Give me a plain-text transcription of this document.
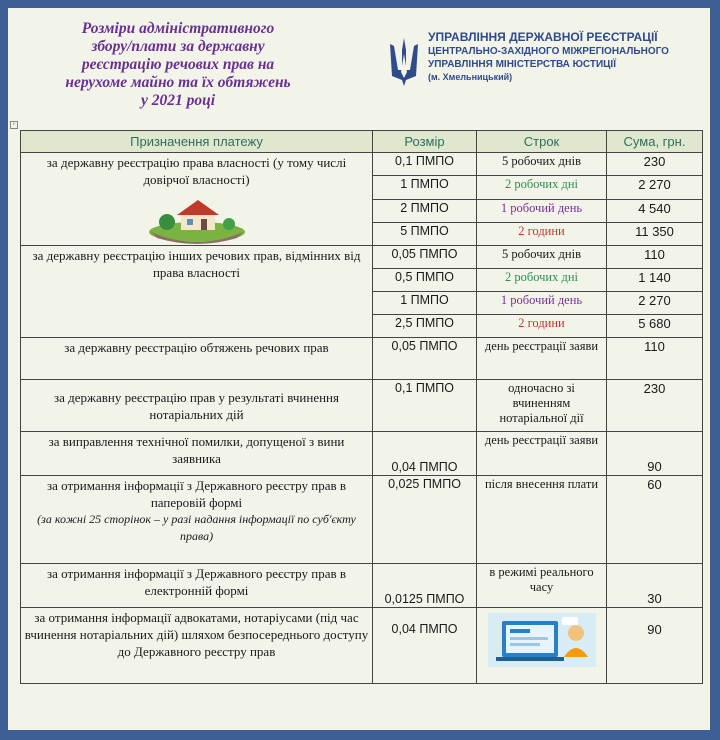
Розміри адміністративного
збору/плати за державну
реєстрацію речових прав на
нерухоме майно та їх обтяжень
у 2021 році
УПРАВЛІННЯ ДЕРЖАВНОЇ РЕЄСТРАЦІЇ
ЦЕНТРАЛЬНО-ЗАХІДНОГО МІЖРЕГІОНАЛЬНОГО
УПРАВЛІННЯ МІНІСТЕРСТВА ЮСТИЦІЇ
(м. Хмельницький)
+
Призначення платежу	Розмір	Строк	Сума, грн.
за державну реєстрацію права власності (у тому числі довірчої власності)	0,1 ПМПО	5 робочих днів	230
	1 ПМПО	2 робочих дні	2 270
	2 ПМПО	1 робочий день	4 540
	5 ПМПО	2 години	11 350
за державну реєстрацію інших речових прав, відмінних від права власності	0,05 ПМПО	5 робочих днів	110
	0,5 ПМПО	2 робочих дні	1 140
	1 ПМПО	1 робочий день	2 270
	2,5 ПМПО	2 години	5 680
за державну реєстрацію обтяжень речових прав	0,05 ПМПО	день реєстрації заяви	110
за державну реєстрацію прав у результаті вчинення нотаріальних дій	0,1 ПМПО	одночасно зі вчиненням нотаріальної дії	230
за виправлення технічної помилки, допущеної з вини заявника	0,04 ПМПО	день реєстрації заяви	90
за отримання інформації з Державного реєстру прав в паперовій формі
(за кожні 25 сторінок – у разі надання інформації по суб'єкту права)	0,025 ПМПО	після внесення плати	60
за отримання інформації з Державного реєстру прав в електронній формі	0,0125 ПМПО	в режимі реального часу	30
за отримання інформації адвокатами, нотаріусами (під час вчинення нотаріальних дій) шляхом безпосереднього доступу до Державного реєстру прав	0,04 ПМПО		90
